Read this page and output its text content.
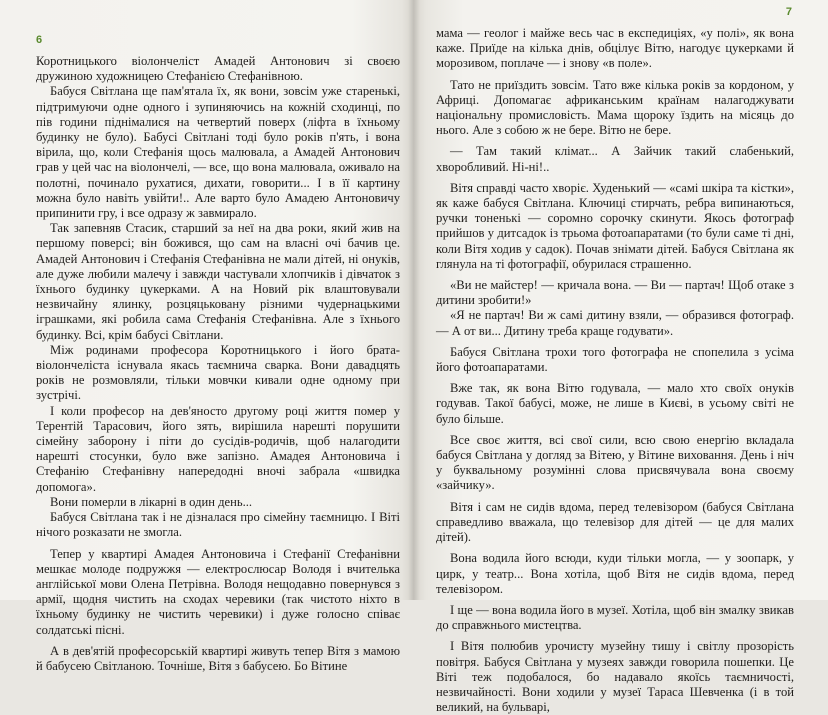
6

Коротницького віолончеліст Амадей Антонович зі своєю дружиною художницею Стефанією Стефанівною.

Бабуся Світлана ще пам'ятала їх, як вони, зовсім уже старенькі, підтримуючи одне одного і зупиняючись на кожній сходинці, по пів години піднімалися на четвертий поверх (ліфта в їхньому будинку не було). Бабусі Світлані тоді було років п'ять, і вона вірила, що, коли Стефанія щось малювала, а Амадей Антонович грав у цей час на віолончелі, — все, що вона малювала, оживало на полотні, починало рухатися, дихати, говорити... І в її картину можна було навіть увійти!.. Але варто було Амадею Антоновичу припинити гру, і все одразу ж завмирало.

Так запевняв Стасик, старший за неї на два роки, який жив на першому поверсі; він божився, що сам на власні очі бачив це. Амадей Антонович і Стефанія Стефанівна не мали дітей, ні онуків, але дуже любили малечу і завжди частували хлопчиків і дівчаток з їхнього будинку цукерками. А на Новий рік влаштовували незвичайну ялинку, розцяцьковану різними чудернацькими іграшками, які робила сама Стефанія Стефанівна. Але з їхнього будинку. Всі, крім бабусі Світлани.

Між родинами професора Коротницького і його брата-віолончеліста існувала якась таємнича сварка. Вони давадцять років не розмовляли, тільки мовчки кивали одне одному при зустрічі.

І коли професор на дев'яносто другому році життя помер у Терентій Тарасович, його зять, вирішила нарешті порушити сімейну заборону і піти до сусідів-родичів, щоб налагодити нарешті стосунки, було вже запізно. Амадея Антоновича і Стефанію Стефанівну напередодні вночі забрала «швидка допомога».

Вони померли в лікарні в один день...

Бабуся Світлана так і не дізналася про сімейну таємницю. І Віті нічого розказати не змогла.

Тепер у квартирі Амадея Антоновича і Стефанії Стефанівни мешкає молоде подружжя — електрослюсар Володя і вчителька англійської мови Олена Петрівна. Володя нещодавно повернувся з армії, щодня чистить на сходах черевики (так чистото ніхто в їхньому будинку не чистить черевики) і дуже голосно співає солдатські пісні.

А в дев'ятій професорській квартирі живуть тепер Вітя з мамою й бабусею Світланою. Точніше, Вітя з бабусею. Бо Вітине

7

мама — геолог і майже весь час в експедиціях, «у полі», як вона каже. Приїде на кілька днів, обцілує Вітю, нагодує цукерками й морозивом, поплаче — і знову «в поле».

Тато не приїздить зовсім. Тато вже кілька років за кордоном, у Африці. Допомагає африканським країнам налагоджувати національну промисловість. Мама щороку їздить на місяць до нього. Але з собою ж не бере. Вітю не бере.

— Там такий клімат... А Зайчик такий слабенький, хворобливий. Ні-ні!..

Вітя справді часто хворіє. Худенький — «самі шкіра та кістки», як каже бабуся Світлана. Ключиці стирчать, ребра випинаються, ручки тоненькі — соромно сорочку скинути. Якось фотограф прийшов у дитсадок із трьома фотоапаратами (то були саме ті дні, коли Вітя ходив у садок). Почав знімати дітей. Бабуся Світлана як глянула на ті фотографії, обурилася страшенно.

«Ви не майстер! — кричала вона. — Ви — партач! Щоб отаке з дитини зробити!»

«Я не партач! Ви ж самі дитину взяли, — образився фотограф. — А от ви... Дитину треба краще годувати».

Бабуся Світлана трохи того фотографа не спопелила з усіма його фотоапаратами.

Вже так, як вона Вітю годувала, — мало хто своїх онуків годував. Такої бабусі, може, не лише в Києві, в усьому світі не було більше.

Все своє життя, всі свої сили, всю свою енергію вкладала бабуся Світлана у догляд за Вітею, у Вітине виховання. День і ніч у буквальному розумінні слова присвячувала вона своєму «зайчику».

Вітя і сам не сидів вдома, перед телевізором (бабуся Світлана справедливо вважала, що телевізор для дітей — це для малих дітей).

Вона водила його всюди, куди тільки могла, — у зоопарк, у цирк, у театр... Вона хотіла, щоб Вітя не сидів вдома, перед телевізором.

І ще — вона водила його в музеї. Хотіла, щоб він змалку звикав до справжнього мистецтва.

І Вітя полюбив урочисту музейну тишу і світлу прозорість повітря. Бабуся Світлана у музеях завжди говорила пошепки. Це Віті теж подобалося, бо надавало якоїсь таємничості, незвичайності. Вони ходили у музеї Тараса Шевченка (і в той великий, на бульварі,
